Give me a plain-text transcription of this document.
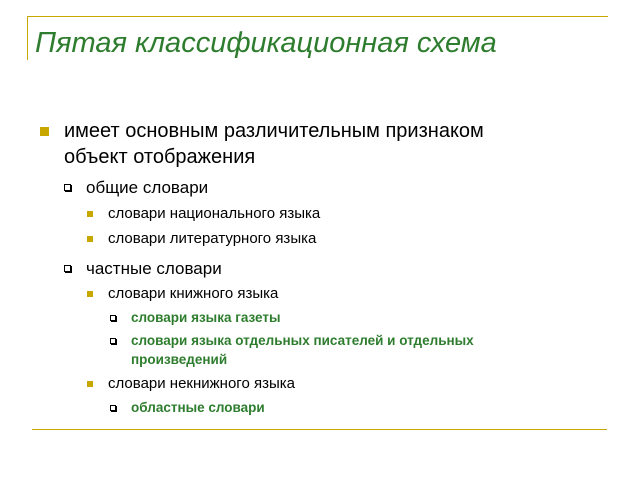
Пятая классификационная схема
имеет основным различительным признаком
объект отображения
общие словари
словари национального языка
словари литературного языка
частные словари
словари книжного языка
словари языка газеты
словари языка отдельных писателей и отдельных
произведений
словари некнижного языка
областные словари
